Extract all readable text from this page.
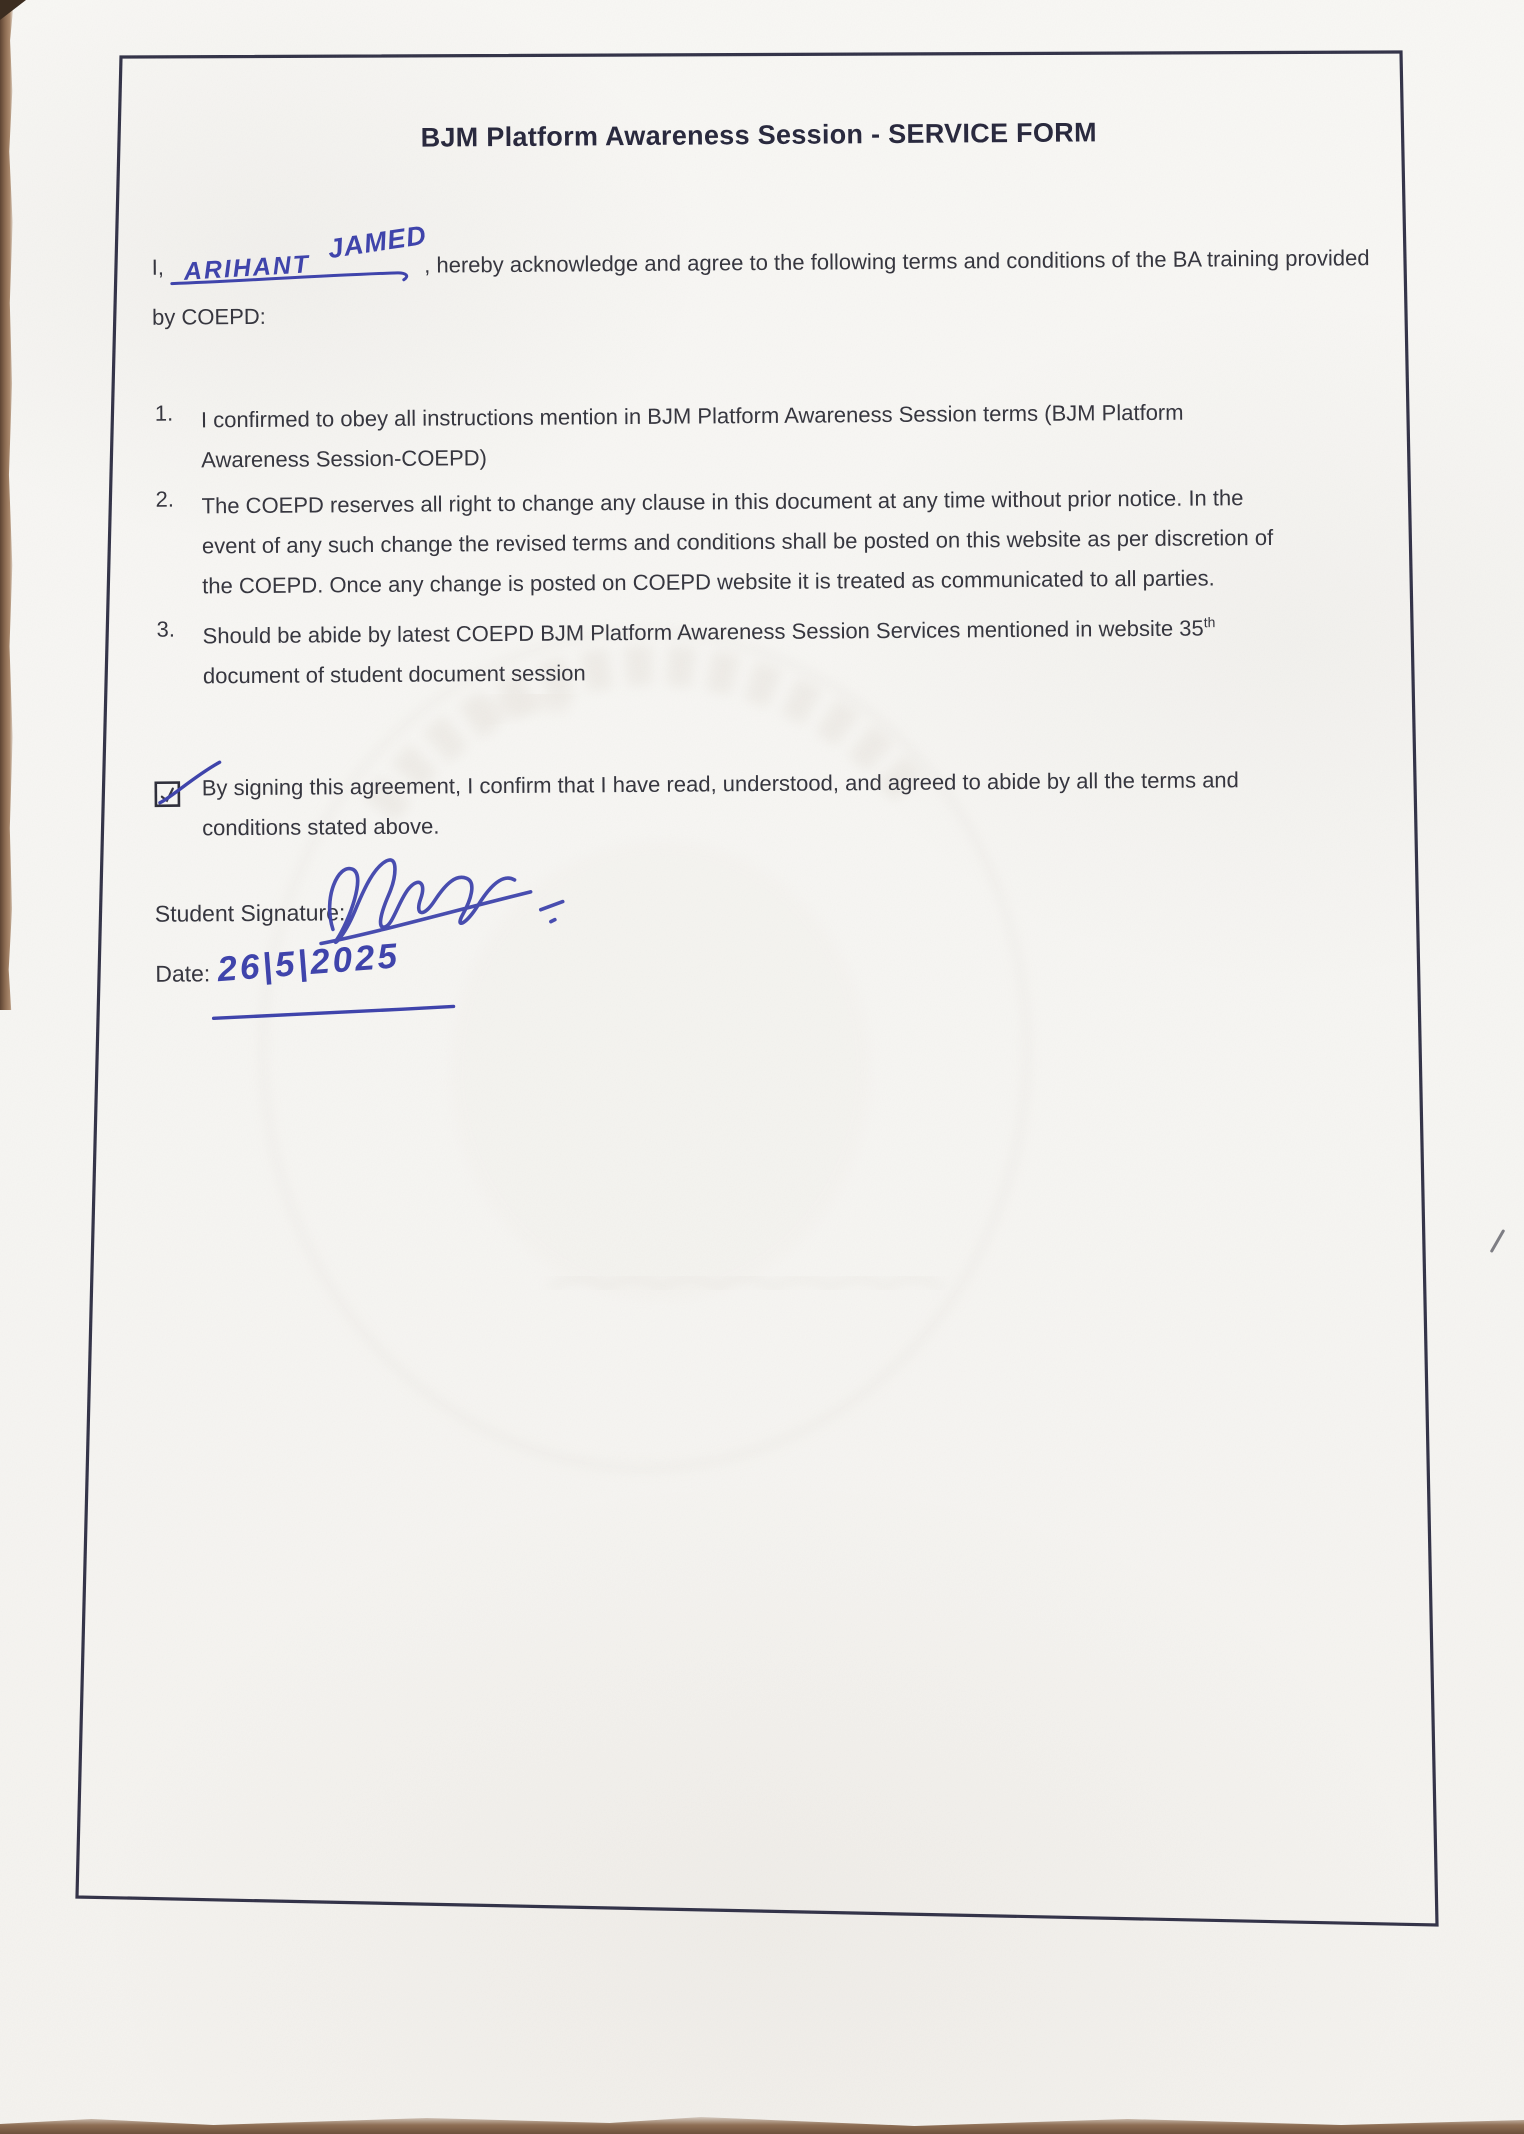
BJM Platform Awareness Session - SERVICE FORM
I, ARIHANT
JAMED
, hereby acknowledge and agree to the following terms and conditions of the BA training provided
by COEPD:
1. I confirmed to obey all instructions mention in BJM Platform Awareness Session terms (BJM Platform
Awareness Session-COEPD)
2. The COEPD reserves all right to change any clause in this document at any time without prior notice. In the
event of any such change the revised terms and conditions shall be posted on this website as per discretion of
the COEPD. Once any change is posted on COEPD website it is treated as communicated to all parties.
3. Should be abide by latest COEPD BJM Platform Awareness Session Services mentioned in website 35th
document of student document session
By signing this agreement, I confirm that I have read, understood, and agreed to abide by all the terms and
conditions stated above.
Student Signature:
Date: 26|5|2025
